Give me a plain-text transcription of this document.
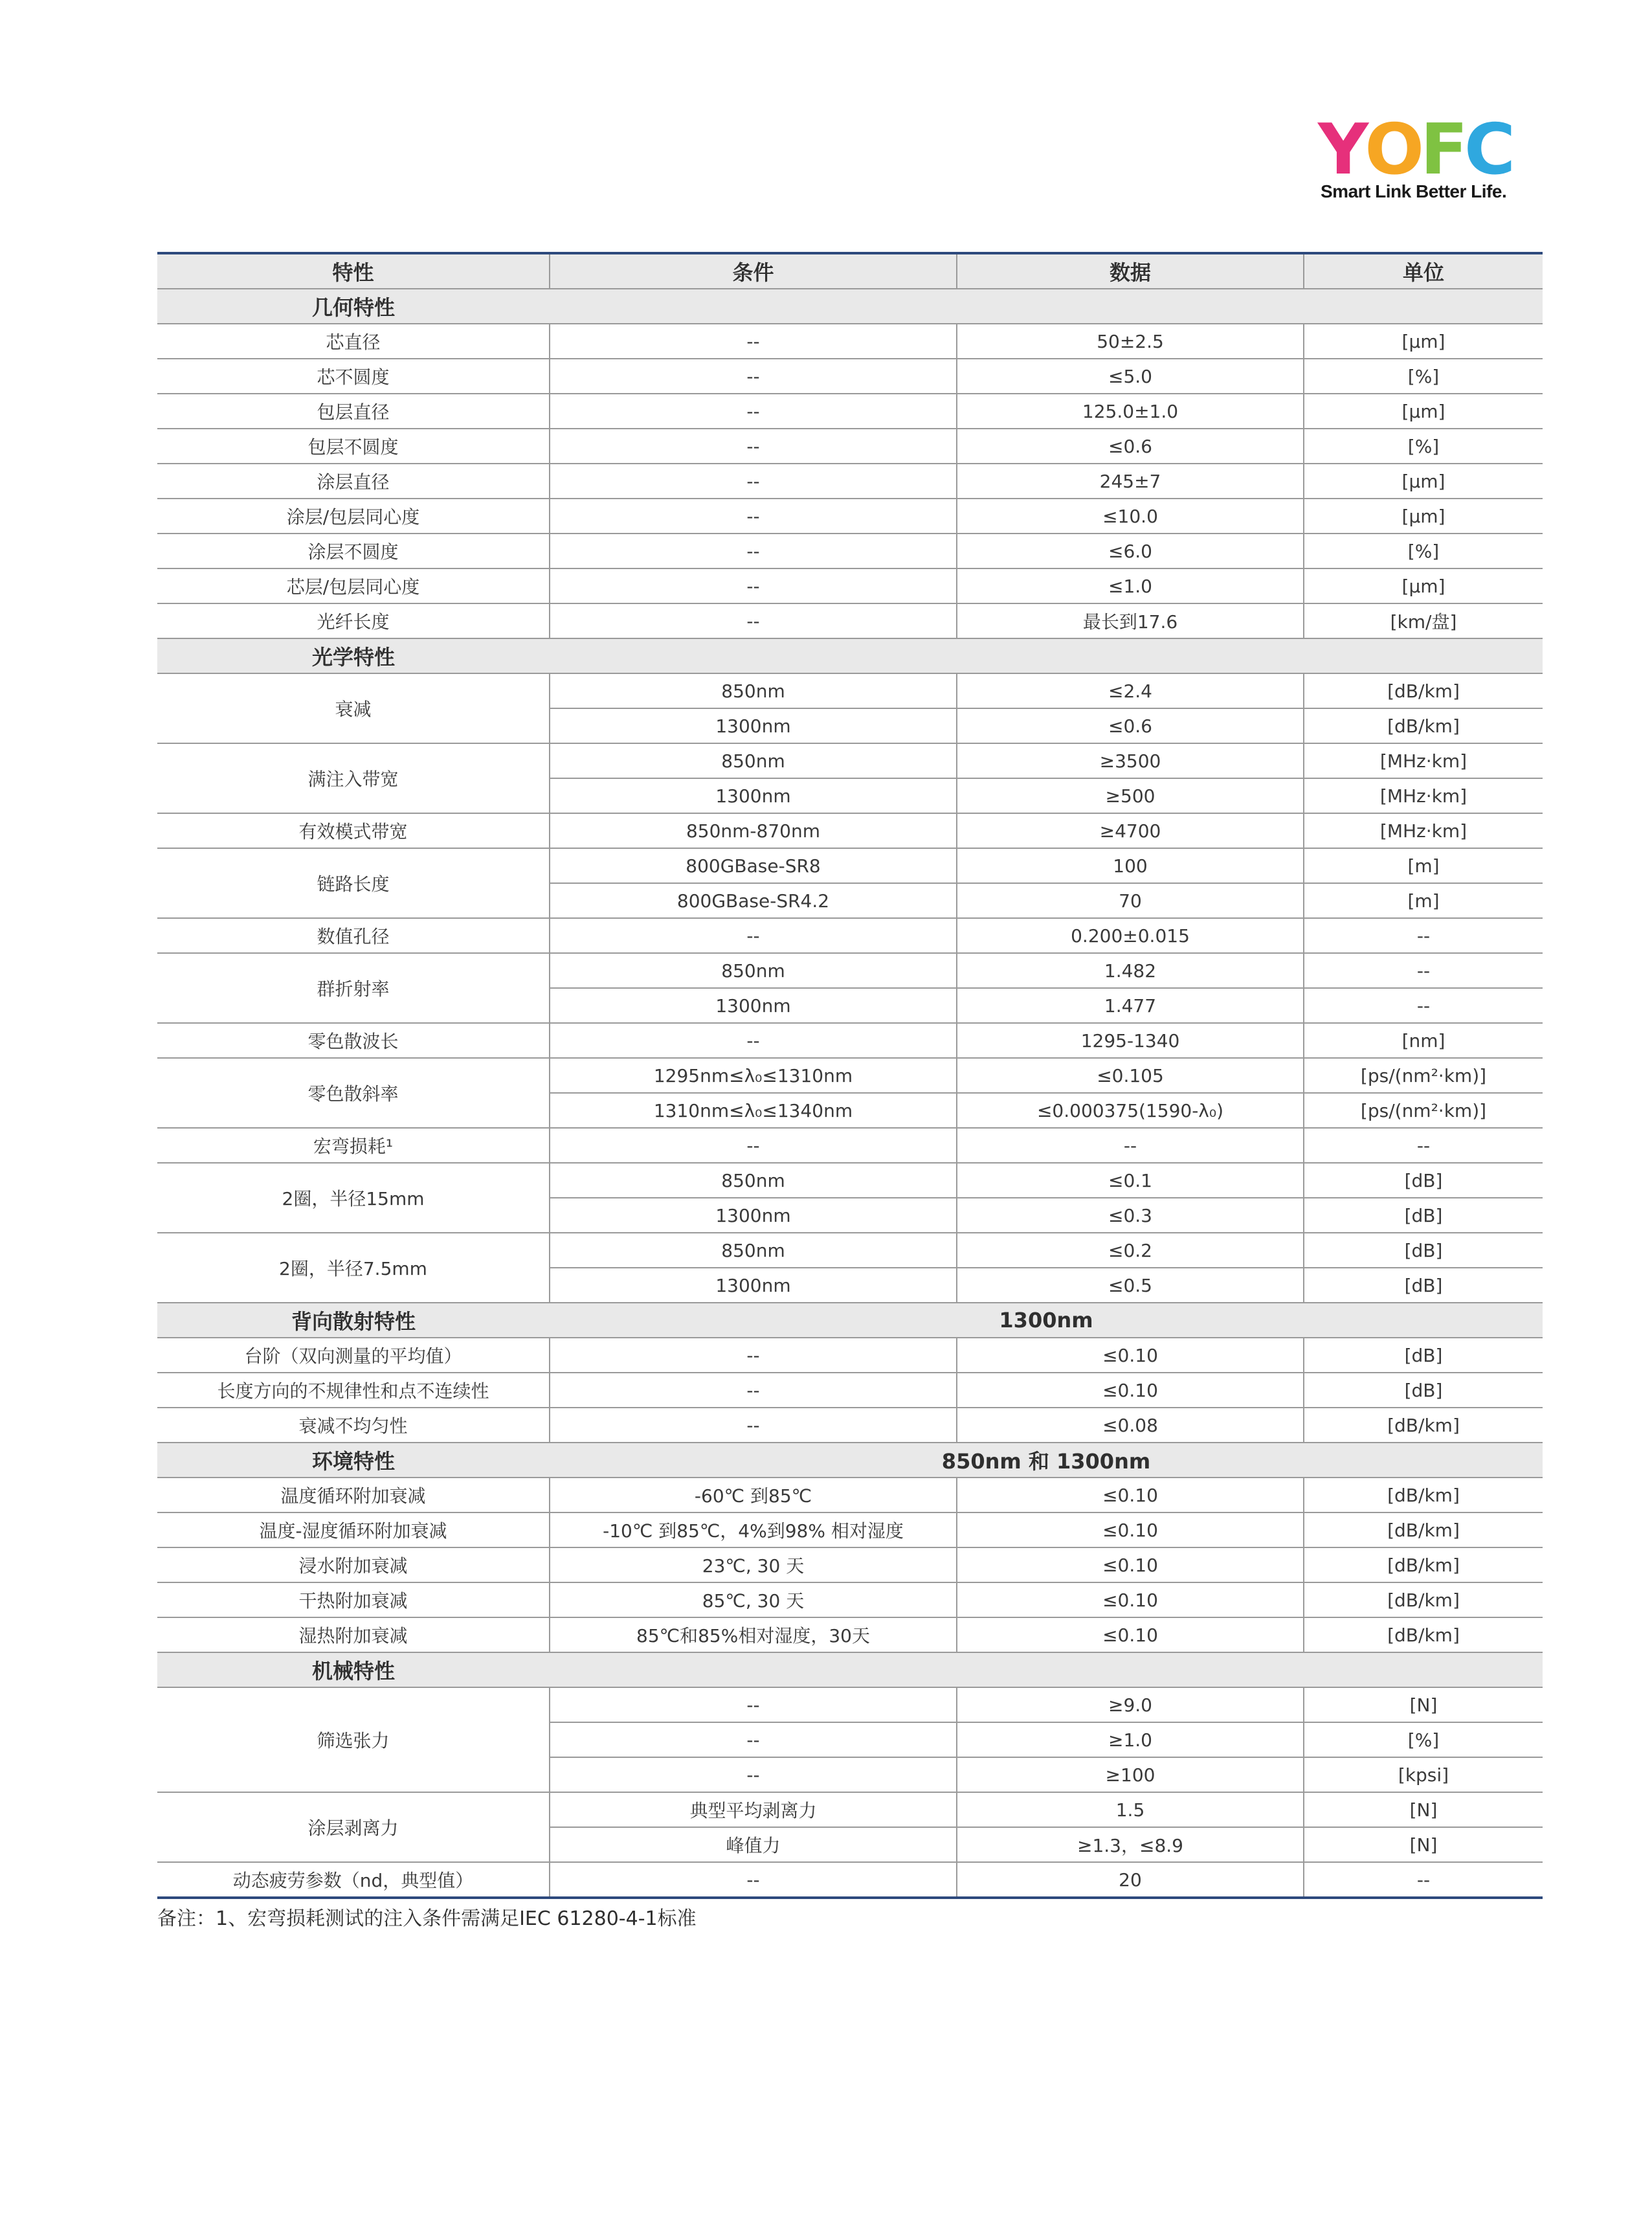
YOFC
Smart Link Better Life.
特性	条件	数据	单位
几何特性			
芯直径	--	50±2.5	[μm]
芯不圆度	--	≤5.0	[%]
包层直径	--	125.0±1.0	[μm]
包层不圆度	--	≤0.6	[%]
涂层直径	--	245±7	[μm]
涂层/包层同心度	--	≤10.0	[μm]
涂层不圆度	--	≤6.0	[%]
芯层/包层同心度	--	≤1.0	[μm]
光纤长度	--	最长到17.6	[km/盘]
光学特性			
衰减	850nm	≤2.4	[dB/km]
	1300nm	≤0.6	[dB/km]
满注入带宽	850nm	≥3500	[MHz·km]
	1300nm	≥500	[MHz·km]
有效模式带宽	850nm-870nm	≥4700	[MHz·km]
链路长度	800GBase-SR8	100	[m]
	800GBase-SR4.2	70	[m]
数值孔径	--	0.200±0.015	--
群折射率	850nm	1.482	--
	1300nm	1.477	--
零色散波长	--	1295-1340	[nm]
零色散斜率	1295nm≤λ₀≤1310nm	≤0.105	[ps/(nm²·km)]
	1310nm≤λ₀≤1340nm	≤0.000375(1590-λ₀)	[ps/(nm²·km)]
宏弯损耗¹	--	--	--
2圈，半径15mm	850nm	≤0.1	[dB]
	1300nm	≤0.3	[dB]
2圈，半径7.5mm	850nm	≤0.2	[dB]
	1300nm	≤0.5	[dB]
背向散射特性	1300nm		
台阶（双向测量的平均值）	--	≤0.10	[dB]
长度方向的不规律性和点不连续性	--	≤0.10	[dB]
衰减不均匀性	--	≤0.08	[dB/km]
环境特性	850nm 和 1300nm		
温度循环附加衰减	-60℃ 到85℃	≤0.10	[dB/km]
温度-湿度循环附加衰减	-10℃ 到85℃，4%到98% 相对湿度	≤0.10	[dB/km]
浸水附加衰减	23℃, 30 天	≤0.10	[dB/km]
干热附加衰减	85℃, 30 天	≤0.10	[dB/km]
湿热附加衰减	85℃和85%相对湿度，30天	≤0.10	[dB/km]
机械特性			
筛选张力	--	≥9.0	[N]
	--	≥1.0	[%]
	--	≥100	[kpsi]
涂层剥离力	典型平均剥离力	1.5	[N]
	峰值力	≥1.3，≤8.9	[N]
动态疲劳参数（nd，典型值）	--	20	--
备注：1、宏弯损耗测试的注入条件需满足IEC 61280-4-1标准
